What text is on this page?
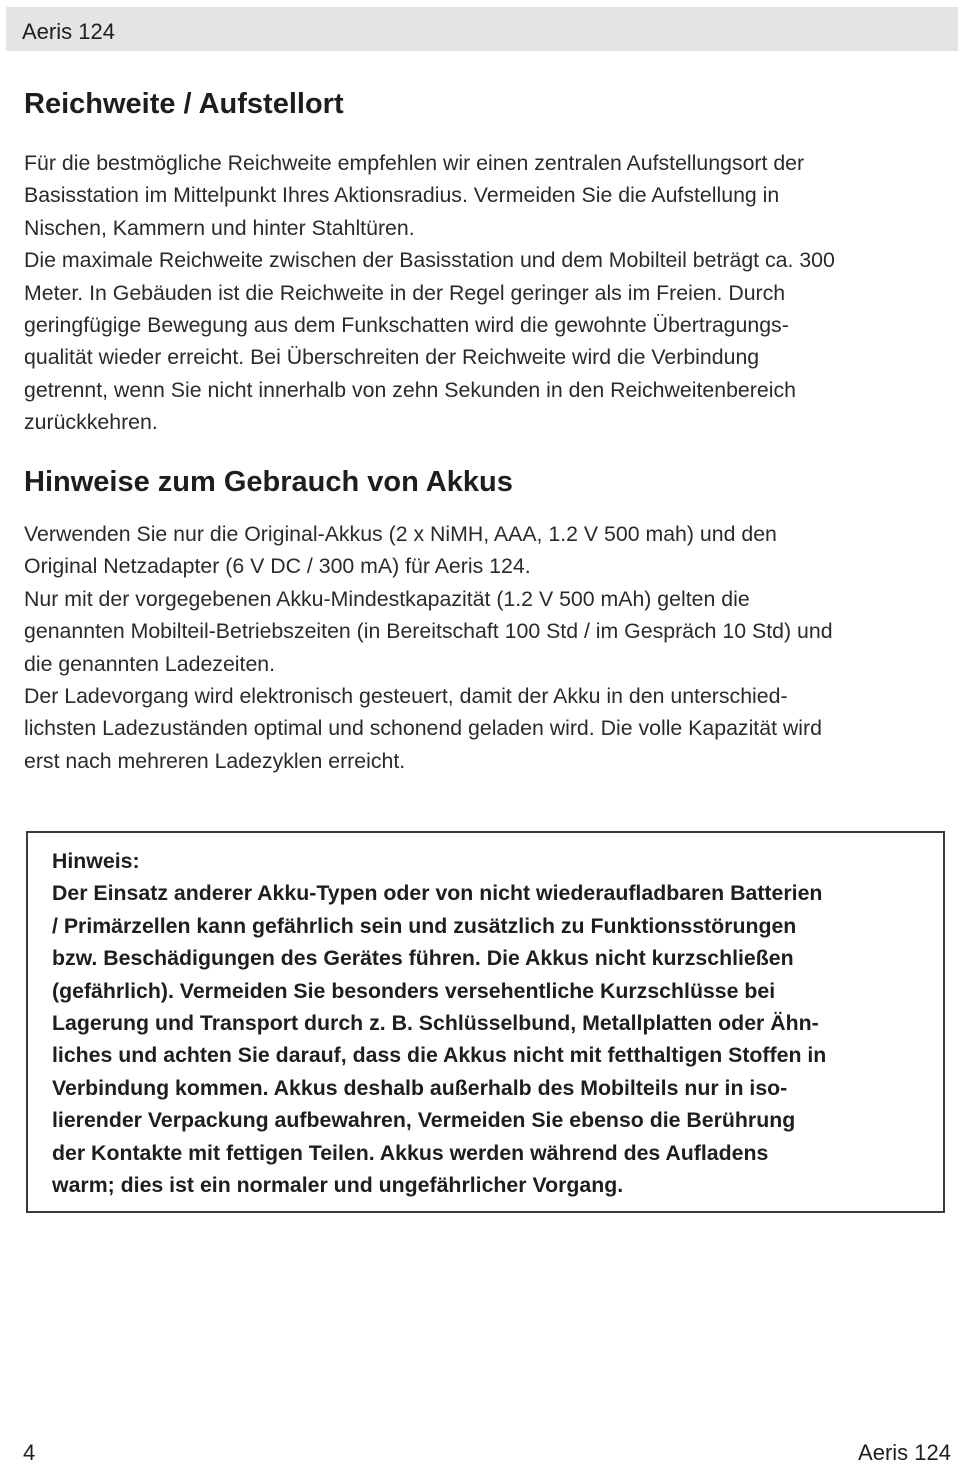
Aeris 124
Reichweite / Aufstellort
Für die bestmögliche Reichweite empfehlen wir einen zentralen Aufstellungsort der
Basisstation im Mittelpunkt Ihres Aktionsradius. Vermeiden Sie die Aufstellung in
Nischen, Kammern und hinter Stahltüren.
Die maximale Reichweite zwischen der Basisstation und dem Mobilteil beträgt ca. 300
Meter. In Gebäuden ist die Reichweite in der Regel geringer als im Freien. Durch
geringfügige Bewegung aus dem Funkschatten wird die gewohnte Übertragungs-
qualität wieder erreicht. Bei Überschreiten der Reichweite wird die Verbindung
getrennt, wenn Sie nicht innerhalb von zehn Sekunden in den Reichweitenbereich
zurückkehren.
Hinweise zum Gebrauch von Akkus
Verwenden Sie nur die Original-Akkus (2 x NiMH, AAA, 1.2 V 500 mah) und den
Original Netzadapter (6 V DC / 300 mA) für Aeris 124.
Nur mit der vorgegebenen Akku-Mindestkapazität (1.2 V 500 mAh) gelten die
genannten Mobilteil-Betriebszeiten (in Bereitschaft 100 Std / im Gespräch 10 Std) und
die genannten Ladezeiten.
Der Ladevorgang wird elektronisch gesteuert, damit der Akku in den unterschied-
lichsten Ladezuständen optimal und schonend geladen wird. Die volle Kapazität wird
erst nach mehreren Ladezyklen erreicht.
Hinweis:
Der Einsatz anderer Akku-Typen oder von nicht wiederaufladbaren Batterien
/ Primärzellen kann gefährlich sein und zusätzlich zu Funktionsstörungen
bzw. Beschädigungen des Gerätes führen. Die Akkus nicht kurzschließen
(gefährlich). Vermeiden Sie besonders versehentliche Kurzschlüsse bei
Lagerung und Transport durch z. B. Schlüsselbund, Metallplatten oder Ähn-
liches und achten Sie darauf, dass die Akkus nicht mit fetthaltigen Stoffen in
Verbindung kommen. Akkus deshalb außerhalb des Mobilteils nur in iso-
lierender Verpackung aufbewahren, Vermeiden Sie ebenso die Berührung
der Kontakte mit fettigen Teilen. Akkus werden während des Aufladens
warm; dies ist ein normaler und ungefährlicher Vorgang.
4	Aeris 124
